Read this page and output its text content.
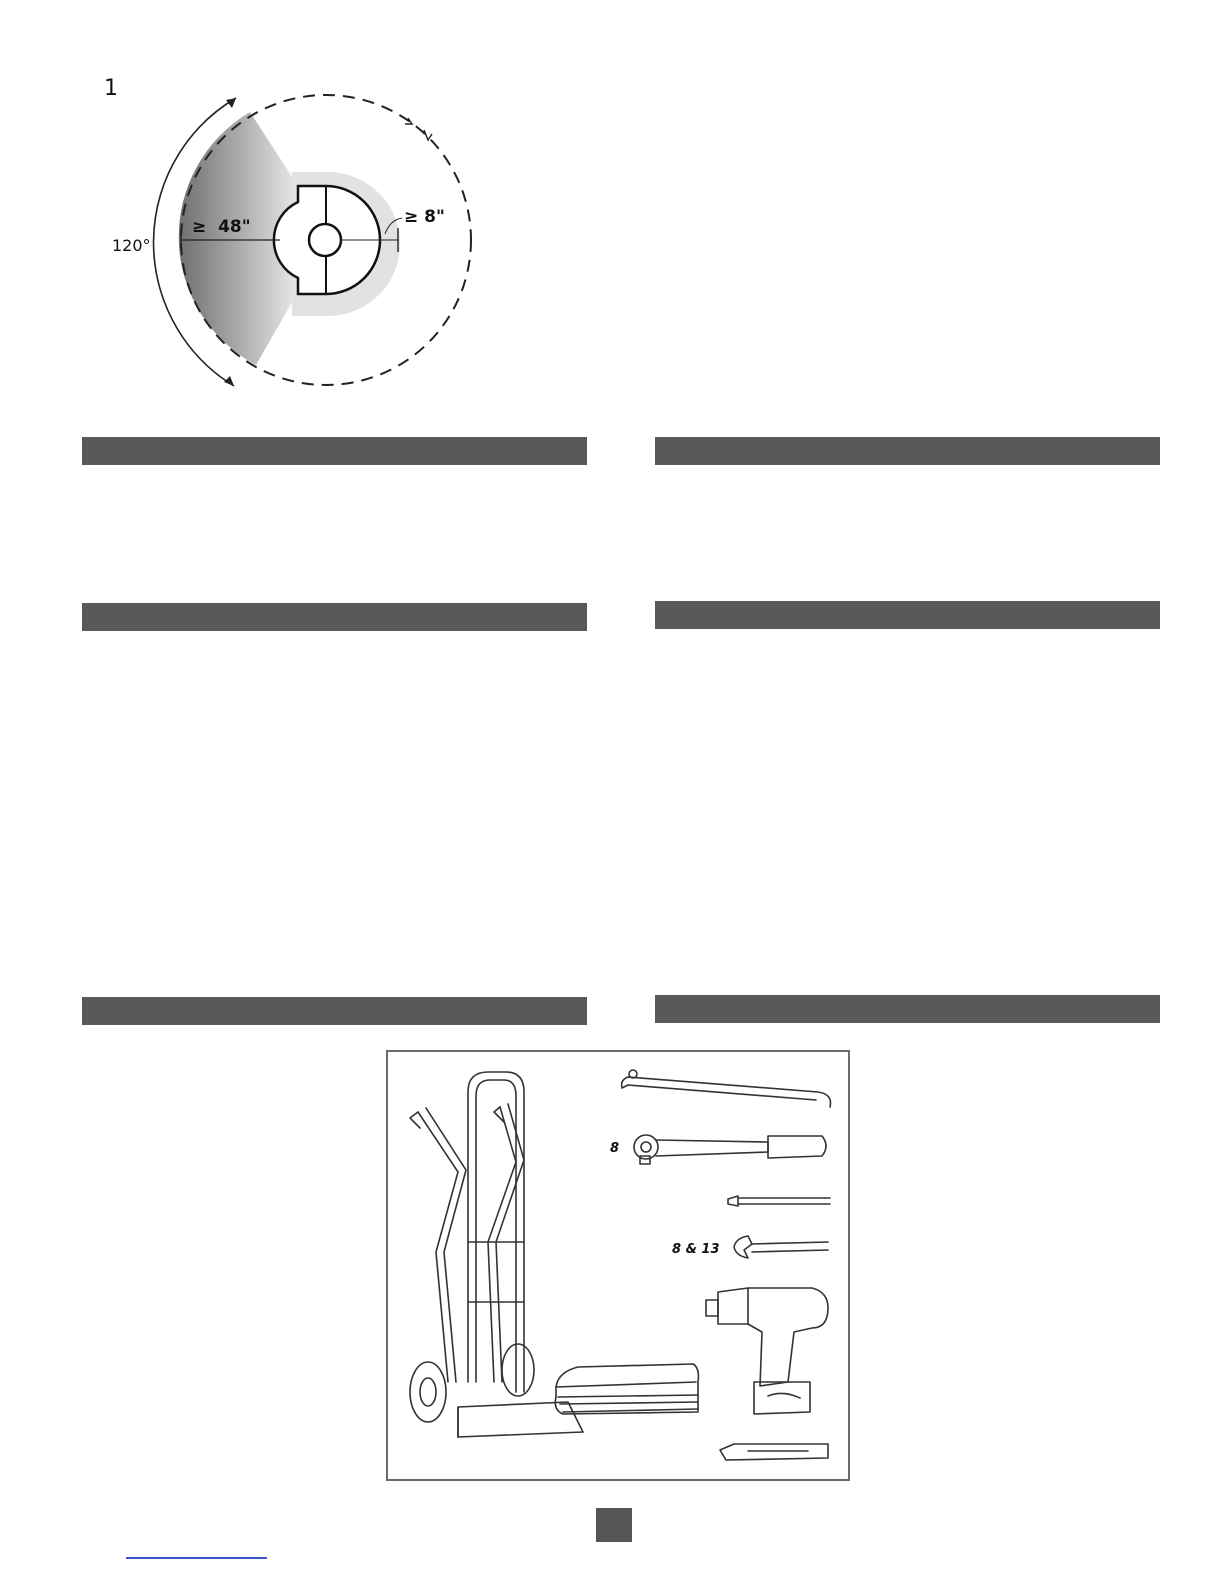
1
120°
≥  48"	≥ 8"
8
8 & 13
